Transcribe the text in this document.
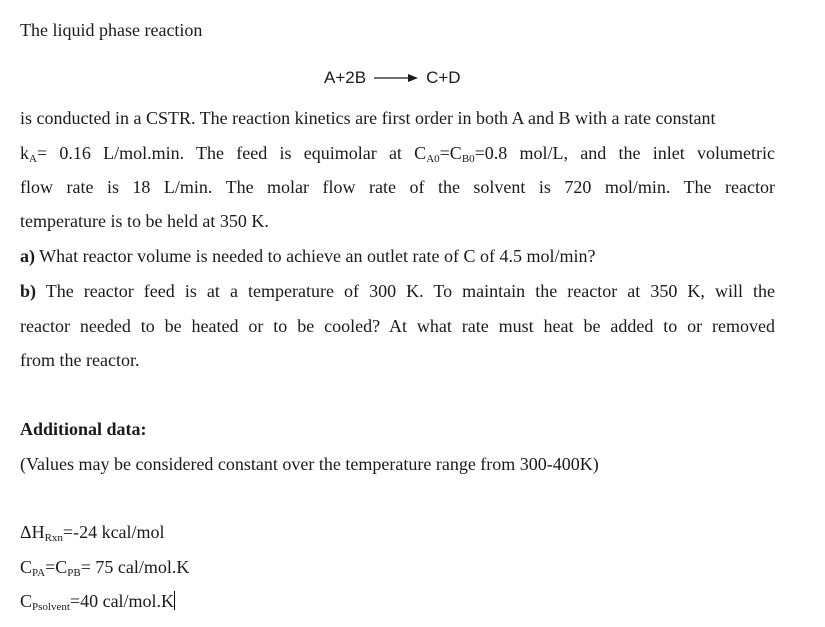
The liquid phase reaction
A+2B	C+D
is conducted in a CSTR. The reaction kinetics are first order in both A and B with a rate constant
$k_A= 0.16$ L/mol.min. The feed is equimolar at $C_{A0}=C_{B0}=0.8$ mol/L, and the inlet volumetric
flow rate is 18 L/min. The molar flow rate of the solvent is 720 mol/min. The reactor
temperature is to be held at 350 K.
a) What reactor volume is needed to achieve an outlet rate of C of 4.5 mol/min?
b) The reactor feed is at a temperature of 300 K. To maintain the reactor at 350 K, will the
reactor needed to be heated or to be cooled? At what rate must heat be added to or removed
from the reactor.
Additional data:
(Values may be considered constant over the temperature range from 300-400K)
$\Delta H_{Rxn}=-24$ kcal/mol
$C_{PA}=C_{PB}= 75$ cal/mol.K
$C_{Psolvent}=40$ cal/mol.K
